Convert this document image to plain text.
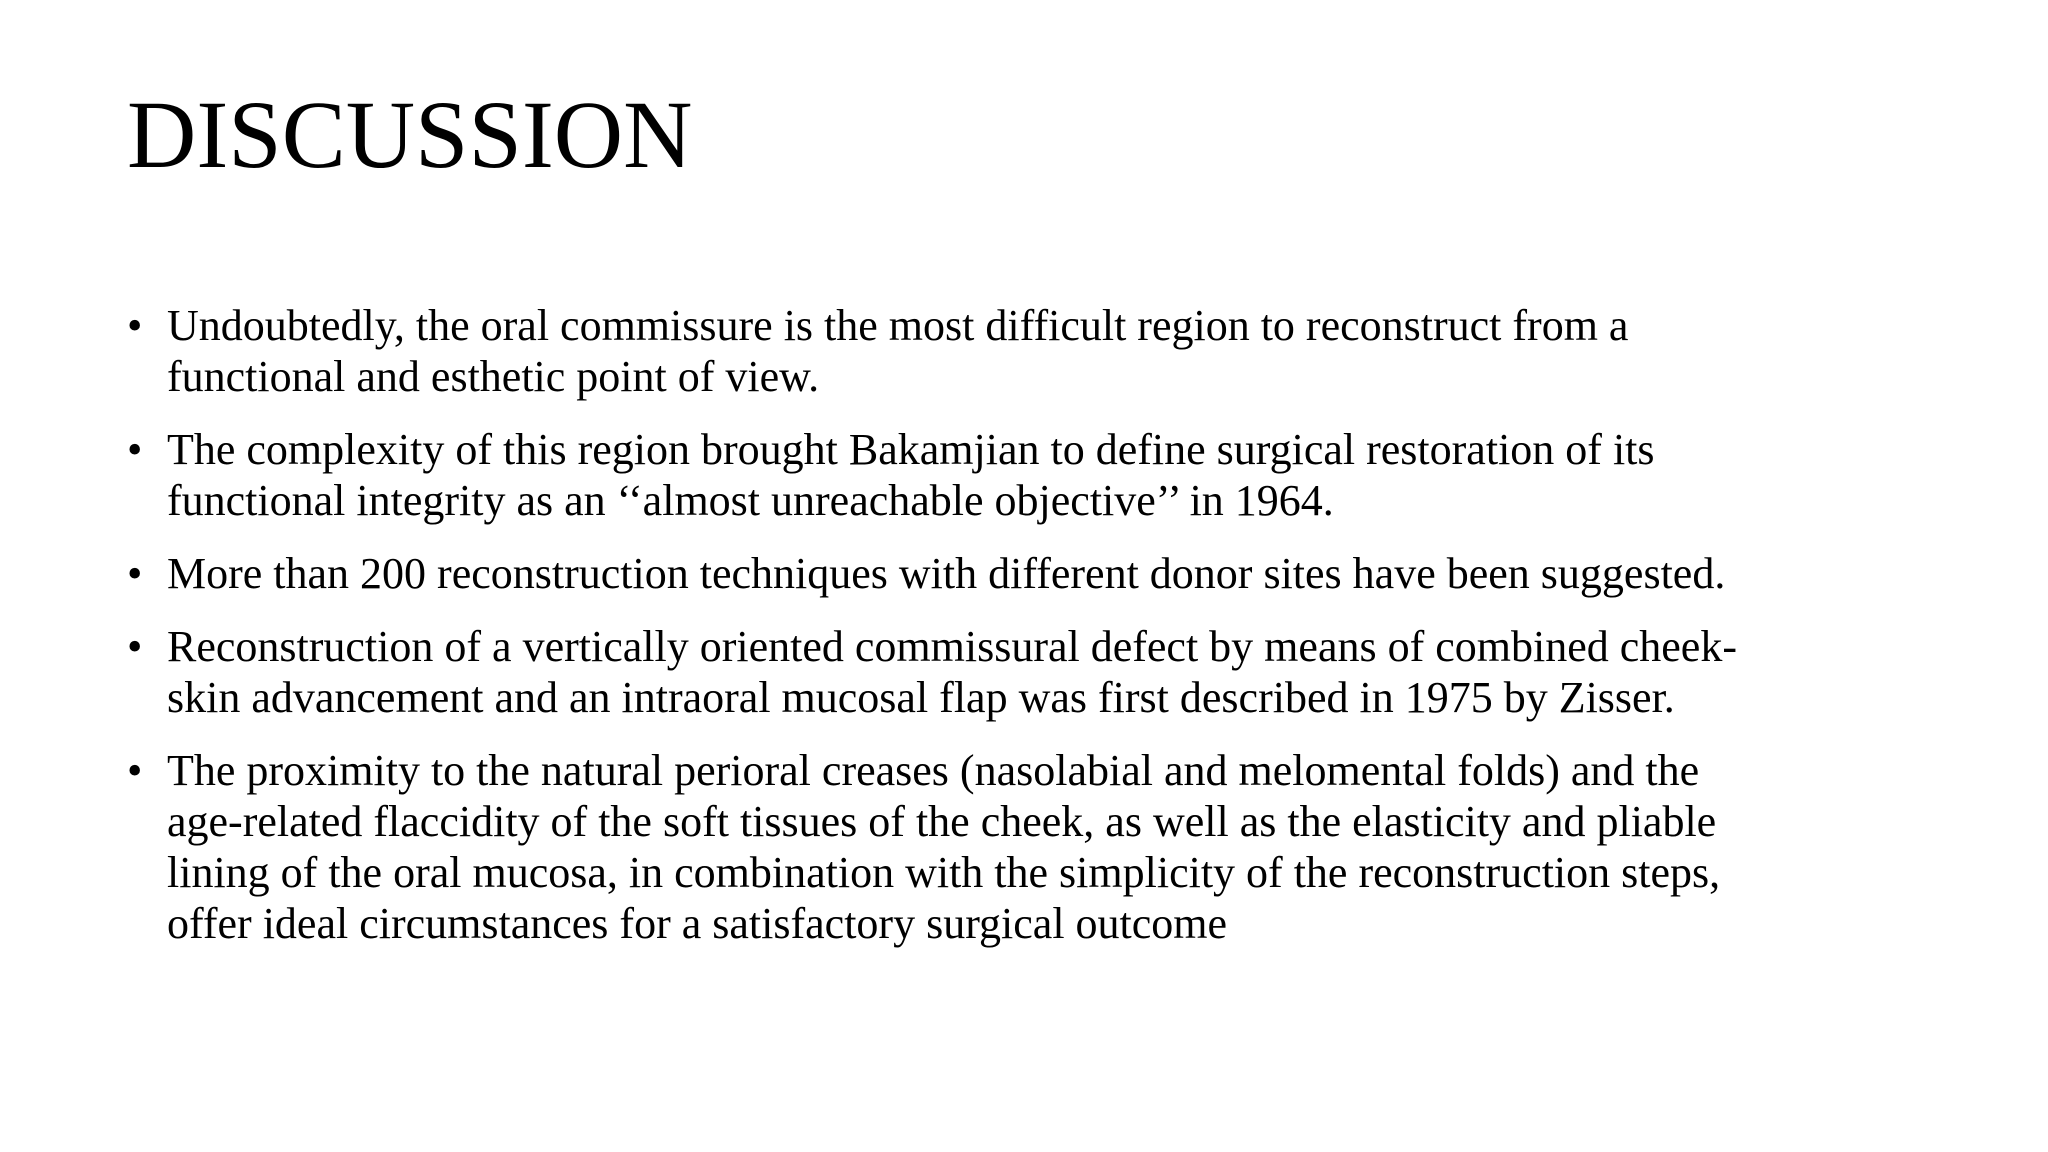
DISCUSSION
• Undoubtedly, the oral commissure is the most difficult region to reconstruct from a
functional and esthetic point of view.
• The complexity of this region brought Bakamjian to define surgical restoration of its
functional integrity as an ‘‘almost unreachable objective’’ in 1964.
• More than 200 reconstruction techniques with different donor sites have been suggested.
• Reconstruction of a vertically oriented commissural defect by means of combined cheek-
skin advancement and an intraoral mucosal flap was first described in 1975 by Zisser.
• The proximity to the natural perioral creases (nasolabial and melomental folds) and the
age-related flaccidity of the soft tissues of the cheek, as well as the elasticity and pliable
lining of the oral mucosa, in combination with the simplicity of the reconstruction steps,
offer ideal circumstances for a satisfactory surgical outcome
